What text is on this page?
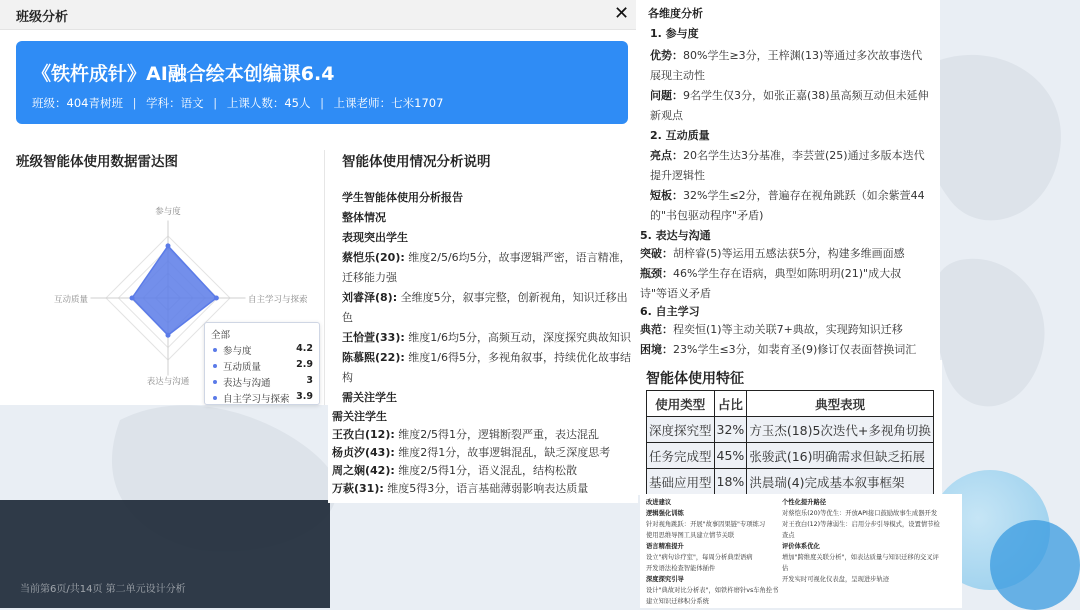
班级分析	✕
《铁杵成针》AI融合绘本创编课6.4
班级：404青树班 | 学科：语文 | 上课人数：45人 | 上课老师：七米1707
班级智能体使用数据雷达图	智能体使用情况分析说明
参与度
自主学习与探索
表达与沟通
互动质量
全部
参与度	4.2
互动质量	2.9
表达与沟通	3
自主学习与探索 3.9

学生智能体使用分析报告

整体情况

表现突出学生

蔡恺乐(20): 维度2/5/6均5分，故事逻辑严密，语言精准，迁移能力强

刘睿泽(8): 全维度5分，叙事完整，创新视角，知识迁移出色

王恰萱(33): 维度1/6均5分，高频互动，深度探究典故知识

陈慕熙(22): 维度1/6得5分，多视角叙事，持续优化故事结构

需关注学生

需关注学生

王孜白(12): 维度2/5得1分，逻辑断裂严重，表达混乱

杨贞汐(43): 维度2得1分，故事逻辑混乱，缺乏深度思考

周之娴(42): 维度2/5得1分，语义混乱，结构松散

万萩(31): 维度5得3分，语言基础薄弱影响表达质量

各维度分析
1. 参与度
优势：80%学生≥3分，王梓渊(13)等通过多次故事迭代
展现主动性
问题：9名学生仅3分，如张正嘉(38)虽高频互动但未延伸
新观点
2. 互动质量
亮点：20名学生达3分基准，李芸萱(25)通过多版本迭代
提升逻辑性
短板：32%学生≤2分，普遍存在视角跳跃（如余紫萱44
的"书包驱动程序"矛盾)
5. 表达与沟通
突破：胡梓睿(5)等运用五感法获5分，构建多维画面感
瓶颈：46%学生存在语病，典型如陈明玥(21)"成大叔
诗"等语义矛盾
6. 自主学习
典范：程奕恒(1)等主动关联7+典故，实现跨知识迁移
困境：23%学生≤3分，如裴育圣(9)修订仅表面替换词汇
智能体使用特征
使用类型	占比	典型表现
深度探究型	32%	方玉杰(18)5次迭代+多视角切换
任务完成型	45%	张骏武(16)明确需求但缺乏拓展
基础应用型	18%	洪晨瑞(4)完成基本叙事框架
改进建议
逻辑强化训练
针对视角跳跃：开展"故事因果链"专项练习
使用思维导图工具建立情节关联
语言精准提升
设立"病句诊疗室"，每周分析典型语病
开发语法检查智能体插件
深度探究引导
设计"典故对比分析表"，如铁杵磨针vs车角拴书
建立知识迁移积分系统
个性化提升路径
对蔡恺乐(20)等优生：开放API接口鼓励故事生成器开发
对王孜白(12)等薄弱生：启用分步引导模式，设置情节检
查点
评价体系优化
增加"跨维度关联分析"，如表达质量与知识迁移的交叉评
估
开发实时可视化仪表盘，呈现进步轨迹
当前第6页/共14页 第二单元设计分析
